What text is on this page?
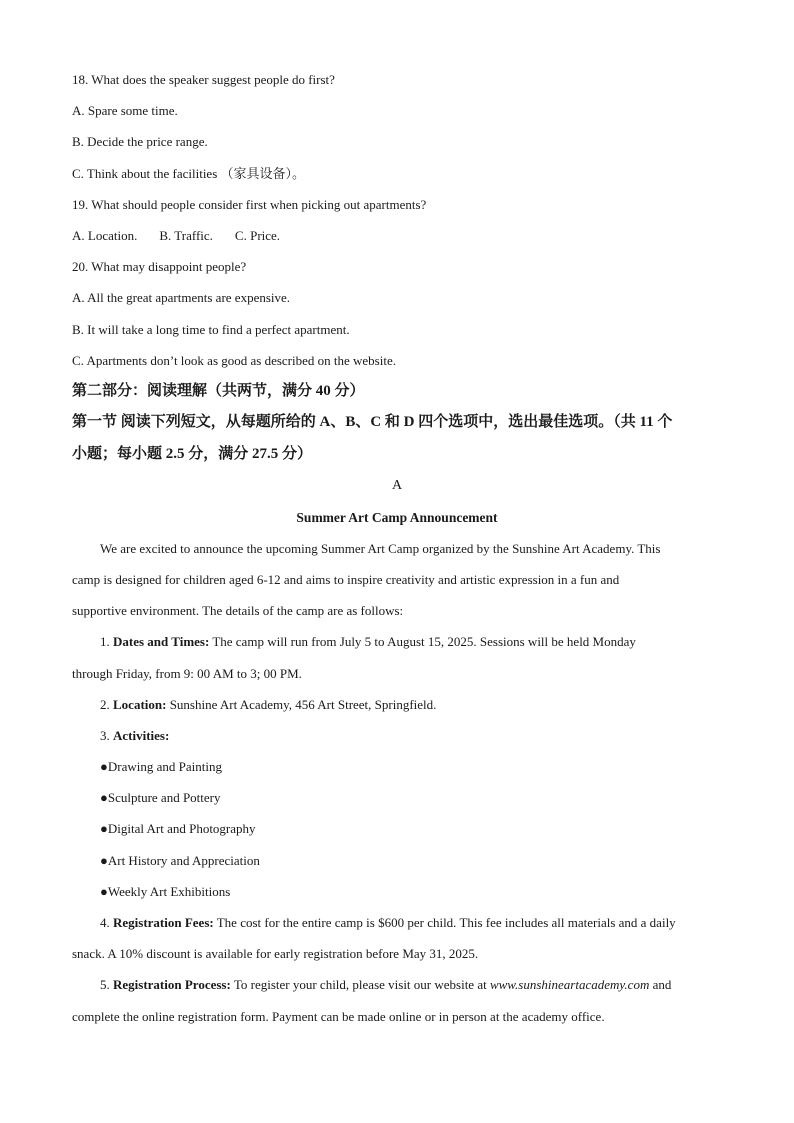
18. What does the speaker suggest people do first?
A. Spare some time.
B. Decide the price range.
C. Think about the facilities （家具设备）。
19. What should people consider first when picking out apartments?
A. Location. B. Traffic. C. Price.
20. What may disappoint people?
A. All the great apartments are expensive.
B. It will take a long time to find a perfect apartment.
C. Apartments don’t look as good as described on the website.
第二部分：阅读理解（共两节，满分 40 分）
第一节 阅读下列短文，从每题所给的 A、B、C 和 D 四个选项中，选出最佳选项。（共 11 个
小题；每小题 2.5 分，满分 27.5 分）
A
Summer Art Camp Announcement
We are excited to announce the upcoming Summer Art Camp organized by the Sunshine Art Academy. This
camp is designed for children aged 6-12 and aims to inspire creativity and artistic expression in a fun and
supportive environment. The details of the camp are as follows:
1. Dates and Times: The camp will run from July 5 to August 15, 2025. Sessions will be held Monday
through Friday, from 9: 00 AM to 3; 00 PM.
2. Location: Sunshine Art Academy, 456 Art Street, Springfield.
3. Activities:
●Drawing and Painting
●Sculpture and Pottery
●Digital Art and Photography
●Art History and Appreciation
●Weekly Art Exhibitions
4. Registration Fees: The cost for the entire camp is $600 per child. This fee includes all materials and a daily
snack. A 10% discount is available for early registration before May 31, 2025.
5. Registration Process: To register your child, please visit our website at www.sunshineartacademy.com and
complete the online registration form. Payment can be made online or in person at the academy office.
